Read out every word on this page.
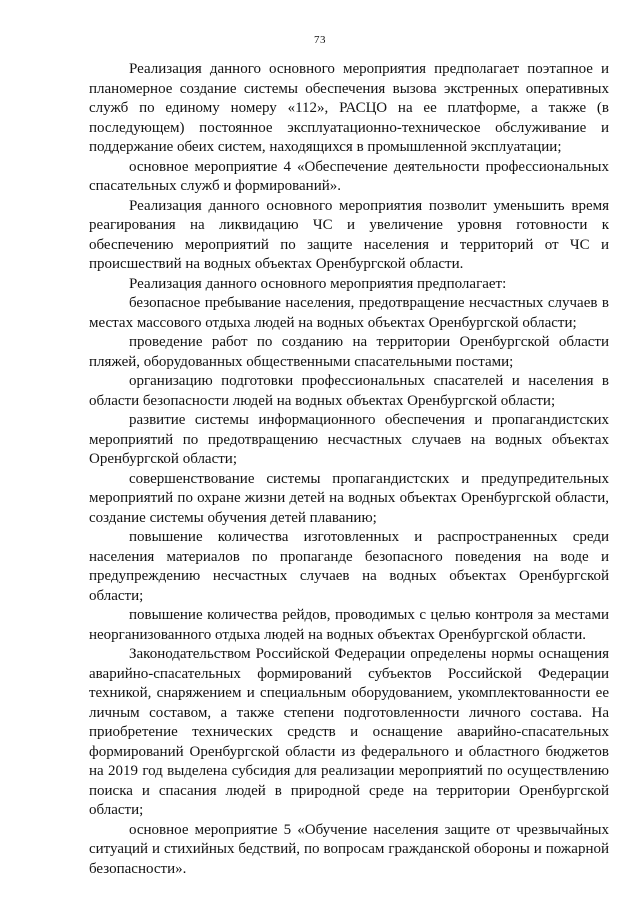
73

Реализация данного основного мероприятия предполагает поэтапное и планомерное создание системы обеспечения вызова экстренных оперативных служб по единому номеру «112», РАСЦО на ее платформе, а также (в последующем) постоянное эксплуатационно-техническое обслуживание и поддержание обеих систем, находящихся в промышленной эксплуатации;

основное мероприятие 4 «Обеспечение деятельности профессиональных спасательных служб и формирований».

Реализация данного основного мероприятия позволит уменьшить время реагирования на ликвидацию ЧС и увеличение уровня готовности к обеспечению мероприятий по защите населения и территорий от ЧС и происшествий на водных объектах Оренбургской области.

Реализация данного основного мероприятия предполагает:

безопасное пребывание населения, предотвращение несчастных случаев в местах массового отдыха людей на водных объектах Оренбургской области;

проведение работ по созданию на территории Оренбургской области пляжей, оборудованных общественными спасательными постами;

организацию подготовки профессиональных спасателей и населения в области безопасности людей на водных объектах Оренбургской области;

развитие системы информационного обеспечения и пропагандистских мероприятий по предотвращению несчастных случаев на водных объектах Оренбургской области;

совершенствование системы пропагандистских и предупредительных мероприятий по охране жизни детей на водных объектах Оренбургской области, создание системы обучения детей плаванию;

повышение количества изготовленных и распространенных среди населения материалов по пропаганде безопасного поведения на воде и предупреждению несчастных случаев на водных объектах Оренбургской области;

повышение количества рейдов, проводимых с целью контроля за местами неорганизованного отдыха людей на водных объектах Оренбургской области.

Законодательством Российской Федерации определены нормы оснащения аварийно-спасательных формирований субъектов Российской Федерации техникой, снаряжением и специальным оборудованием, укомплектованности ее личным составом, а также степени подготовленности личного состава. На приобретение технических средств и оснащение аварийно-спасательных формирований Оренбургской области из федерального и областного бюджетов на 2019 год выделена субсидия для реализации мероприятий по осуществлению поиска и спасания людей в природной среде на территории Оренбургской области;

основное мероприятие 5 «Обучение населения защите от чрезвычайных ситуаций и стихийных бедствий, по вопросам гражданской обороны и пожарной безопасности».
